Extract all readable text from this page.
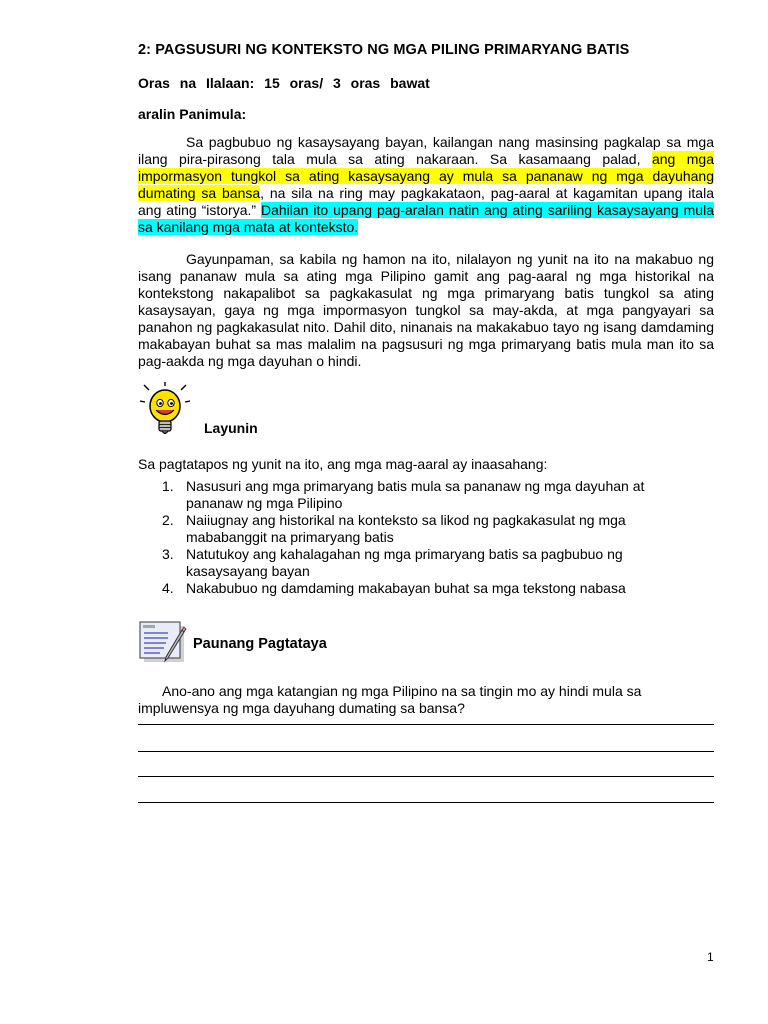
2: PAGSUSURI NG KONTEKSTO NG MGA PILING PRIMARYANG BATIS
Oras na Ilalaan: 15 oras/ 3 oras bawat
aralin Panimula:
Sa pagbubuo ng kasaysayang bayan, kailangan nang masinsing pagkalap sa mga ilang pira-pirasong tala mula sa ating nakaraan. Sa kasamaang palad, ang mga impormasyon tungkol sa ating kasaysayang ay mula sa pananaw ng mga dayuhang dumating sa bansa, na sila na ring may pagkakataon, pag-aaral at kagamitan upang itala ang ating “istorya.” Dahilan ito upang pag-aralan natin ang ating sariling kasaysayang mula sa kanilang mga mata at konteksto.
Gayunpaman, sa kabila ng hamon na ito, nilalayon ng yunit na ito na makabuo ng isang pananaw mula sa ating mga Pilipino gamit ang pag-aaral ng mga historikal na kontekstong nakapalibot sa pagkakasulat ng mga primaryang batis tungkol sa ating kasaysayan, gaya ng mga impormasyon tungkol sa may-akda, at mga pangyayari sa panahon ng pagkakasulat nito. Dahil dito, ninanais na makakabuo tayo ng isang damdaming makabayan buhat sa mas malalim na pagsusuri ng mga primaryang batis mula man ito sa pag-aakda ng mga dayuhan o hindi.
Layunin
Sa pagtatapos ng yunit na ito, ang mga mag-aaral ay inaasahang:
1. Nasusuri ang mga primaryang batis mula sa pananaw ng mga dayuhan at pananaw ng mga Pilipino
2. Naiiugnay ang historikal na konteksto sa likod ng pagkakasulat ng mga mababanggit na primaryang batis
3. Natutukoy ang kahalagahan ng mga primaryang batis sa pagbubuo ng kasaysayang bayan
4. Nakabubuo ng damdaming makabayan buhat sa mga tekstong nabasa
Paunang Pagtataya
Ano-ano ang mga katangian ng mga Pilipino na sa tingin mo ay hindi mula sa impluwensya ng mga dayuhang dumating sa bansa?
1
